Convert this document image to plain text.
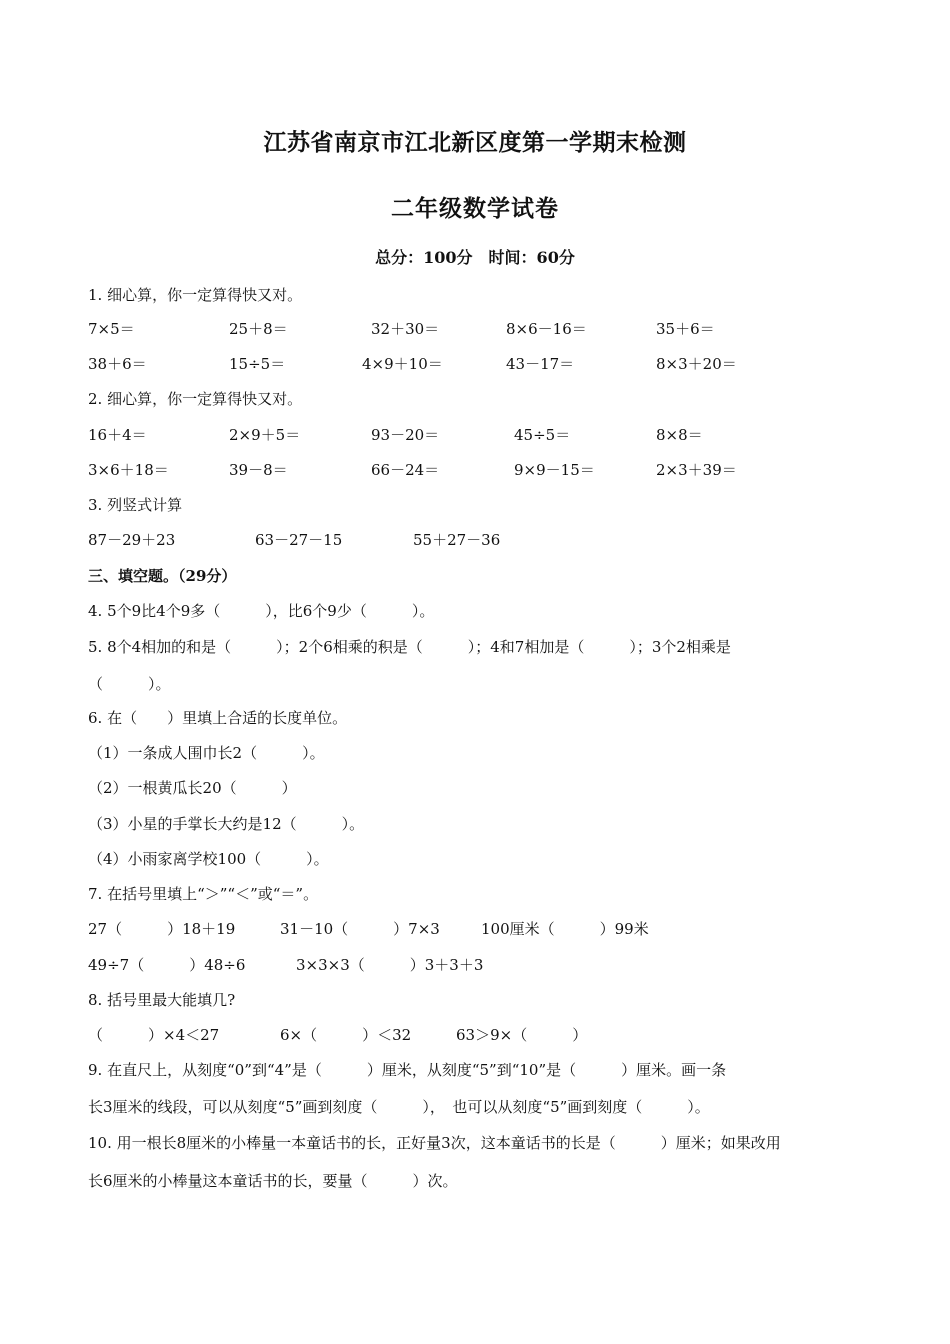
江苏省南京市江北新区度第一学期末检测
二年级数学试卷
总分：100分　时间：60分
1. 细心算，你一定算得快又对。
7×5＝	25＋8＝	32＋30＝	8×6－16＝	35＋6＝
38＋6＝	15÷5＝	4×9＋10＝	43－17＝	8×3＋20＝
2. 细心算，你一定算得快又对。
16＋4＝	2×9＋5＝	93－20＝	45÷5＝	8×8＝
3×6＋18＝	39－8＝	66－24＝	9×9－15＝	2×3＋39＝
3. 列竖式计算
87－29＋23	63－27－15	55＋27－36
三、填空题。（29分）
4. 5个9比4个9多（　　　），比6个9少（　　　）。
5. 8个4相加的和是（　　　）；2个6相乘的积是（　　　）；4和7相加是（　　　）；3个2相乘是
（　　　）。
6. 在（　　）里填上合适的长度单位。
（1）一条成人围巾长2（　　　）。
（2）一根黄瓜长20（　　　）
（3）小星的手掌长大约是12（　　　）。
（4）小雨家离学校100（　　　）。
7. 在括号里填上“＞”“＜”或“＝”。
27（　　　）18＋19	31－10（　　　）7×3	100厘米（　　　）99米
49÷7（　　　）48÷6	3×3×3（　　　）3＋3＋3
8. 括号里最大能填几?
（　　　）×4＜27	6×（　　　）＜32	63＞9×（　　　）
9. 在直尺上，从刻度“0”到“4”是（　　　）厘米，从刻度“5”到“10”是（　　　）厘米。画一条
长3厘米的线段，可以从刻度“5”画到刻度（　　　），　也可以从刻度“5”画到刻度（　　　）。
10. 用一根长8厘米的小棒量一本童话书的长，正好量3次，这本童话书的长是（　　　）厘米；如果改用
长6厘米的小棒量这本童话书的长，要量（　　　）次。
